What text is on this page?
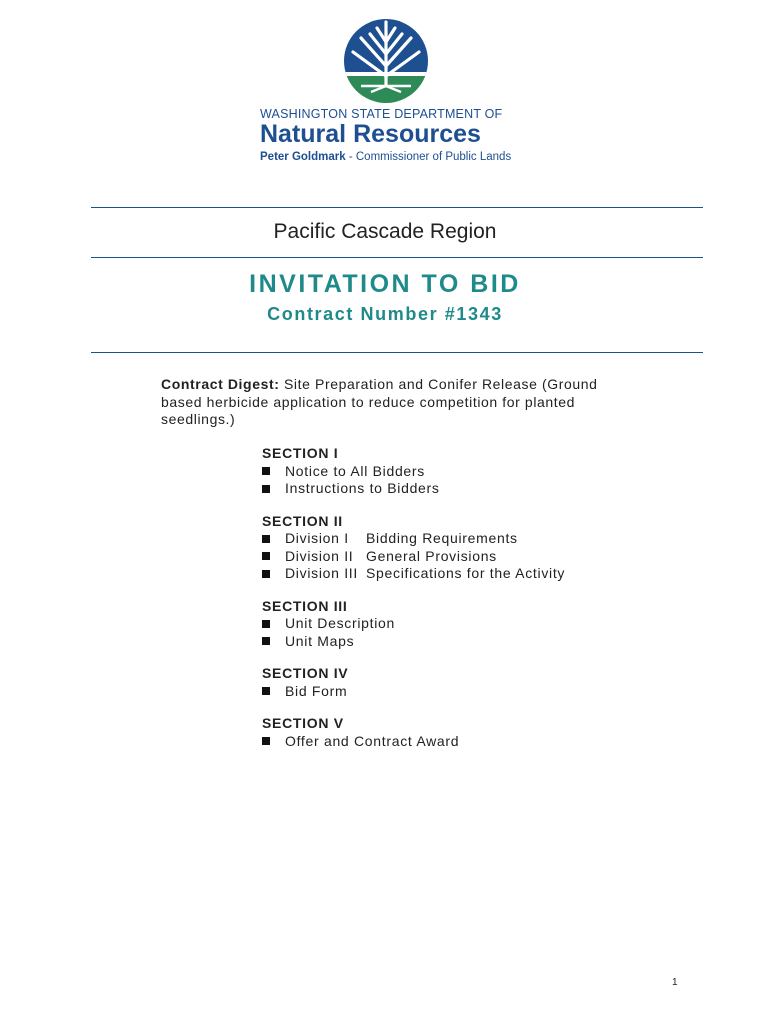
WASHINGTON STATE DEPARTMENT OF
Natural Resources
Peter Goldmark - Commissioner of Public Lands
Pacific Cascade Region
INVITATION TO BID
Contract Number #1343
Contract Digest: Site Preparation and Conifer Release (Ground based herbicide application to reduce competition for planted seedlings.)
SECTION I
Notice to All Bidders
Instructions to Bidders
SECTION II
Division I	Bidding Requirements
Division II General Provisions
Division III Specifications for the Activity
SECTION III
Unit Description
Unit Maps
SECTION IV
Bid Form
SECTION V
Offer and Contract Award
1
